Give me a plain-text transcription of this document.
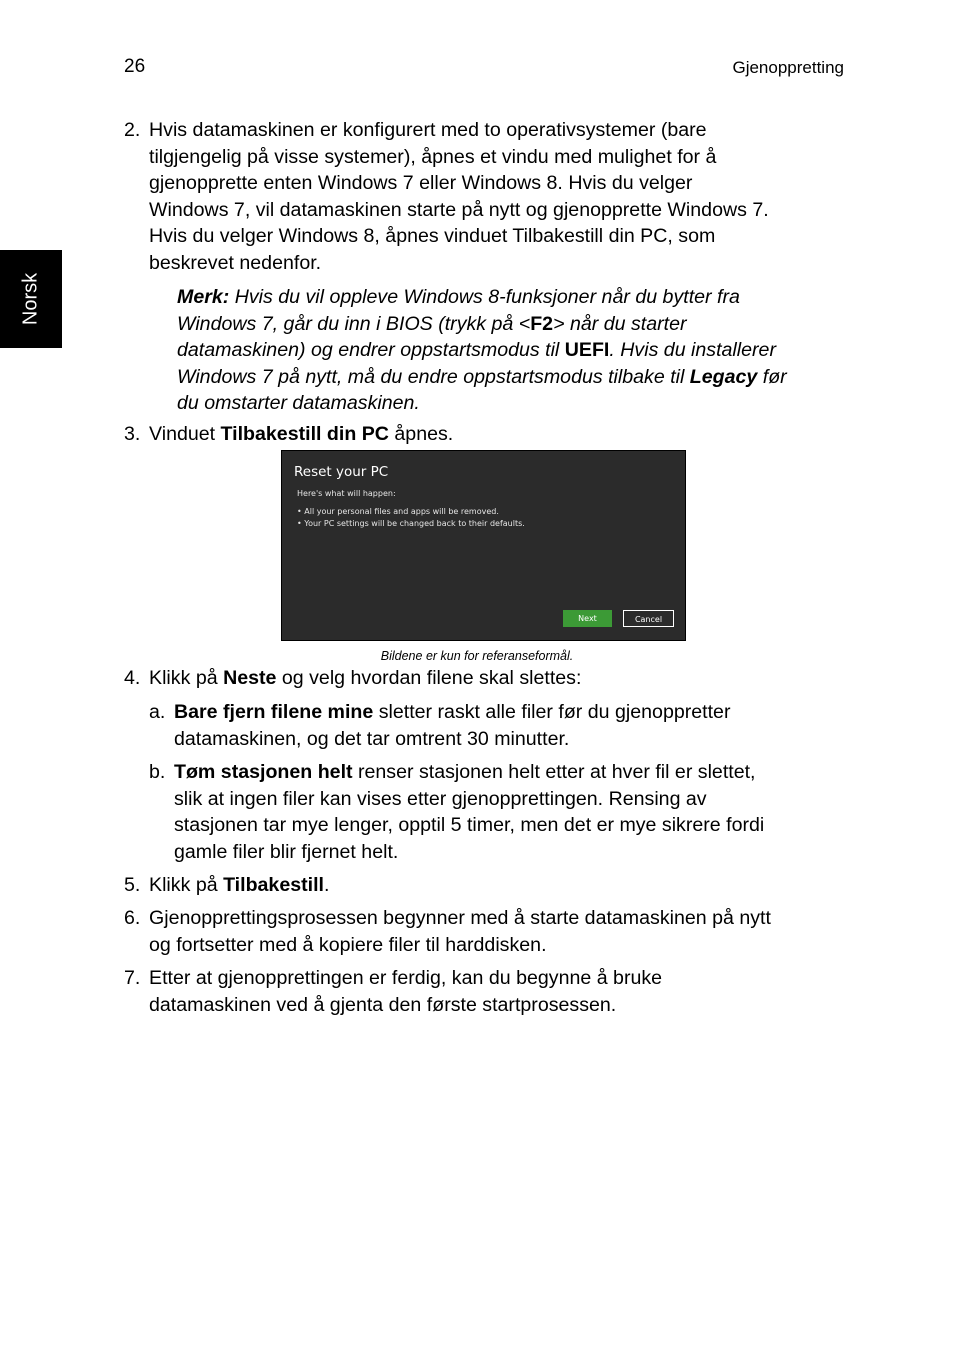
26	Gjenoppretting
Norsk
2. Hvis datamaskinen er konfigurert med to operativsystemer (bare
tilgjengelig på visse systemer), åpnes et vindu med mulighet for å
gjenopprette enten Windows 7 eller Windows 8. Hvis du velger
Windows 7, vil datamaskinen starte på nytt og gjenopprette Windows 7.
Hvis du velger Windows 8, åpnes vinduet Tilbakestill din PC, som
beskrevet nedenfor.
Merk: Hvis du vil oppleve Windows 8-funksjoner når du bytter fra
Windows 7, går du inn i BIOS (trykk på <F2> når du starter
datamaskinen) og endrer oppstartsmodus til UEFI. Hvis du installerer
Windows 7 på nytt, må du endre oppstartsmodus tilbake til Legacy før
du omstarter datamaskinen.
3. Vinduet Tilbakestill din PC åpnes.
Reset your PC
Here's what will happen:
• All your personal files and apps will be removed.
• Your PC settings will be changed back to their defaults.
Next	Cancel
Bildene er kun for referanseformål.
4. Klikk på Neste og velg hvordan filene skal slettes:
a. Bare fjern filene mine sletter raskt alle filer før du gjenoppretter
datamaskinen, og det tar omtrent 30 minutter.
b. Tøm stasjonen helt renser stasjonen helt etter at hver fil er slettet,
slik at ingen filer kan vises etter gjenopprettingen. Rensing av
stasjonen tar mye lenger, opptil 5 timer, men det er mye sikrere fordi
gamle filer blir fjernet helt.
5. Klikk på Tilbakestill.
6. Gjenopprettingsprosessen begynner med å starte datamaskinen på nytt
og fortsetter med å kopiere filer til harddisken.
7. Etter at gjenopprettingen er ferdig, kan du begynne å bruke
datamaskinen ved å gjenta den første startprosessen.
